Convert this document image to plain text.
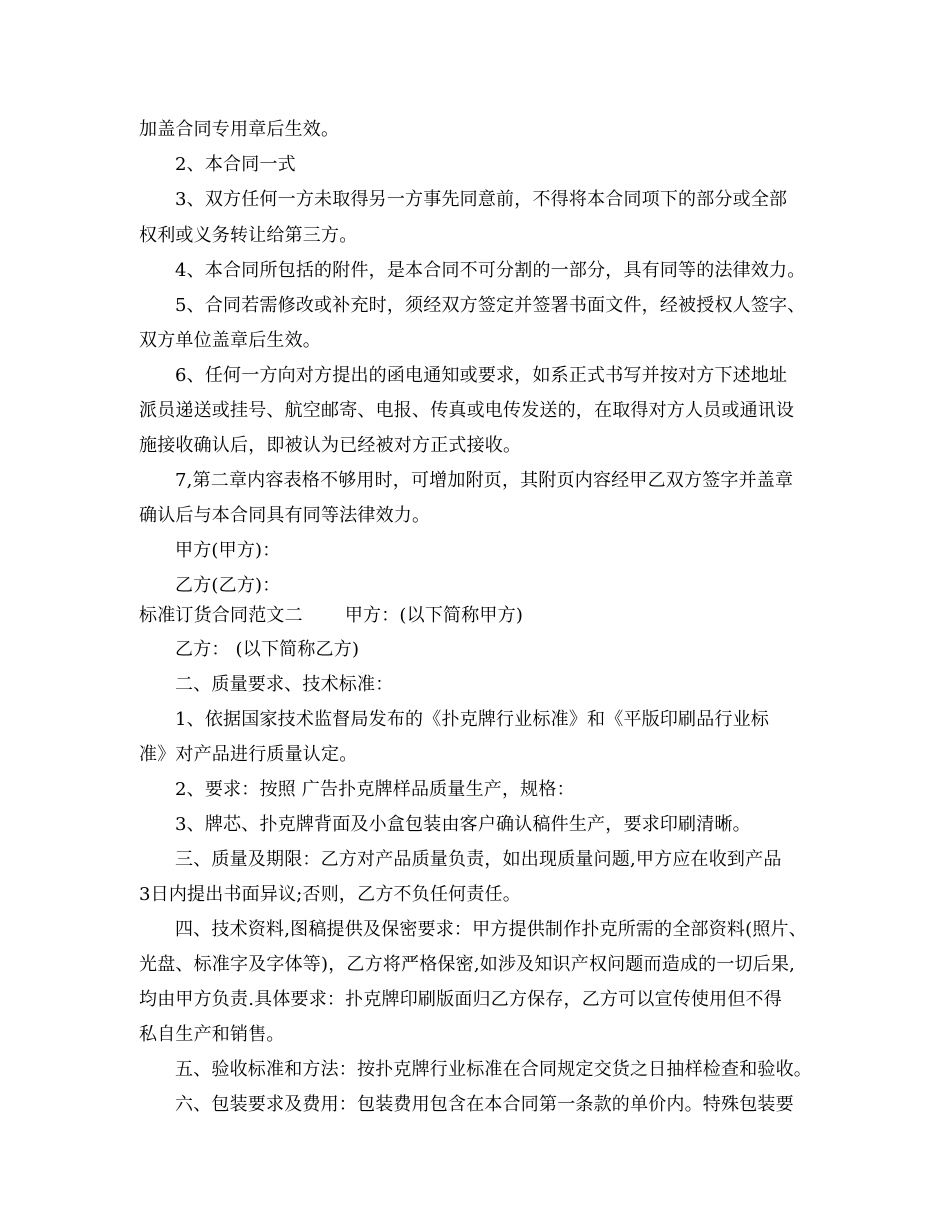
加盖合同专用章后生效。
2、本合同一式
3、双方任何一方未取得另一方事先同意前，不得将本合同项下的部分或全部
权利或义务转让给第三方。
4、本合同所包括的附件，是本合同不可分割的一部分，具有同等的法律效力。
5、合同若需修改或补充时，须经双方签定并签署书面文件，经被授权人签字、
双方单位盖章后生效。
6、任何一方向对方提出的函电通知或要求，如系正式书写并按对方下述地址
派员递送或挂号、航空邮寄、电报、传真或电传发送的，在取得对方人员或通讯设
施接收确认后，即被认为已经被对方正式接收。
7,第二章内容表格不够用时，可增加附页，其附页内容经甲乙双方签字并盖章
确认后与本合同具有同等法律效力。
甲方(甲方)：
乙方(乙方)：
标准订货合同范文二 甲方：(以下简称甲方)
乙方： (以下简称乙方)
二、质量要求、技术标准：
1、依据国家技术监督局发布的《扑克牌行业标准》和《平版印刷品行业标
准》对产品进行质量认定。
2、要求：按照 广告扑克牌样品质量生产，规格：
3、牌芯、扑克牌背面及小盒包装由客户确认稿件生产，要求印刷清晰。
三、质量及期限：乙方对产品质量负责，如出现质量问题,甲方应在收到产品
3日内提出书面异议;否则，乙方不负任何责任。
四、技术资料,图稿提供及保密要求：甲方提供制作扑克所需的全部资料(照片、
光盘、标准字及字体等)，乙方将严格保密,如涉及知识产权问题而造成的一切后果,
均由甲方负责.具体要求：扑克牌印刷版面归乙方保存，乙方可以宣传使用但不得
私自生产和销售。
五、验收标准和方法：按扑克牌行业标准在合同规定交货之日抽样检查和验收。
六、包装要求及费用：包装费用包含在本合同第一条款的单价内。特殊包装要
